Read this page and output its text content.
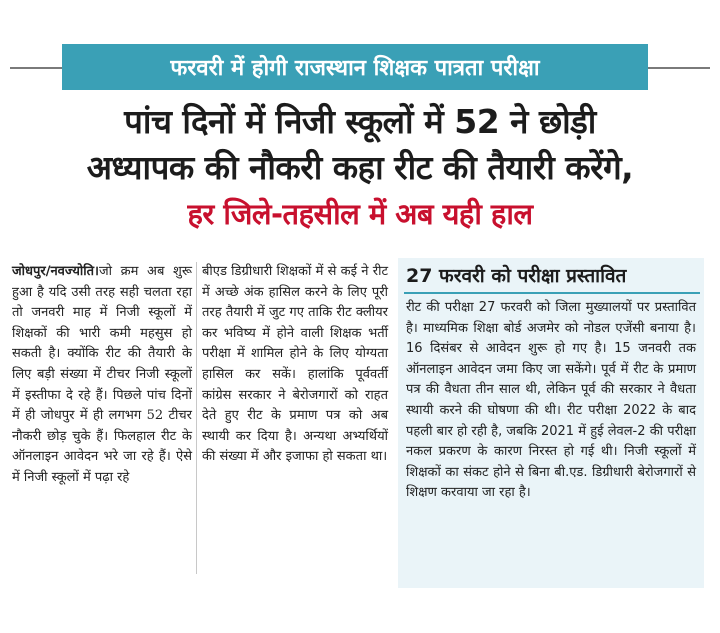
फरवरी में होगी राजस्थान शिक्षक पात्रता परीक्षा
पांच दिनों में निजी स्कूलों में 52 ने छोड़ी
अध्यापक की नौकरी कहा रीट की तैयारी करेंगे,
हर जिले-तहसील में अब यही हाल
जोधपुर/नवज्योति।जो क्रम अब शुरू हुआ है यदि उसी तरह सही चलता रहा तो जनवरी माह में निजी स्कूलों में शिक्षकों की भारी कमी महसुस हो सकती है। क्योंकि रीट की तैयारी के लिए बड़ी संख्या में टीचर निजी स्कूलों में इस्तीफा दे रहे हैं। पिछले पांच दिनों में ही जोधपुर में ही लगभग 52 टीचर नौकरी छोड़ चुके हैं। फिलहाल रीट के ऑनलाइन आवेदन भरे जा रहे हैं। ऐसे में निजी स्कूलों में पढ़ा रहे
बीएड डिग्रीधारी शिक्षकों में से कई ने रीट में अच्छे अंक हासिल करने के लिए पूरी तरह तैयारी में जुट गए ताकि रीट क्लीयर कर भविष्य में होने वाली शिक्षक भर्ती परीक्षा में शामिल होने के लिए योग्यता हासिल कर सकें। हालांकि पूर्ववर्ती कांग्रेस सरकार ने बेरोजगारों को राहत देते हुए रीट के प्रमाण पत्र को अब स्थायी कर दिया है। अन्यथा अभ्यर्थियों की संख्या में और इजाफा हो सकता था।
27 फरवरी को परीक्षा प्रस्तावित
रीट की परीक्षा 27 फरवरी को जिला मुख्यालयों पर प्रस्तावित है। माध्यमिक शिक्षा बोर्ड अजमेर को नोडल एजेंसी बनाया है। 16 दिसंबर से आवेदन शुरू हो गए है। 15 जनवरी तक ऑनलाइन आवेदन जमा किए जा सकेंगे। पूर्व में रीट के प्रमाण पत्र की वैधता तीन साल थी, लेकिन पूर्व की सरकार ने वैधता स्थायी करने की घोषणा की थी। रीट परीक्षा 2022 के बाद पहली बार हो रही है, जबकि 2021 में हुई लेवल-2 की परीक्षा नकल प्रकरण के कारण निरस्त हो गई थी। निजी स्कूलों में शिक्षकों का संकट होने से बिना बी.एड. डिग्रीधारी बेरोजगारों से शिक्षण करवाया जा रहा है।
